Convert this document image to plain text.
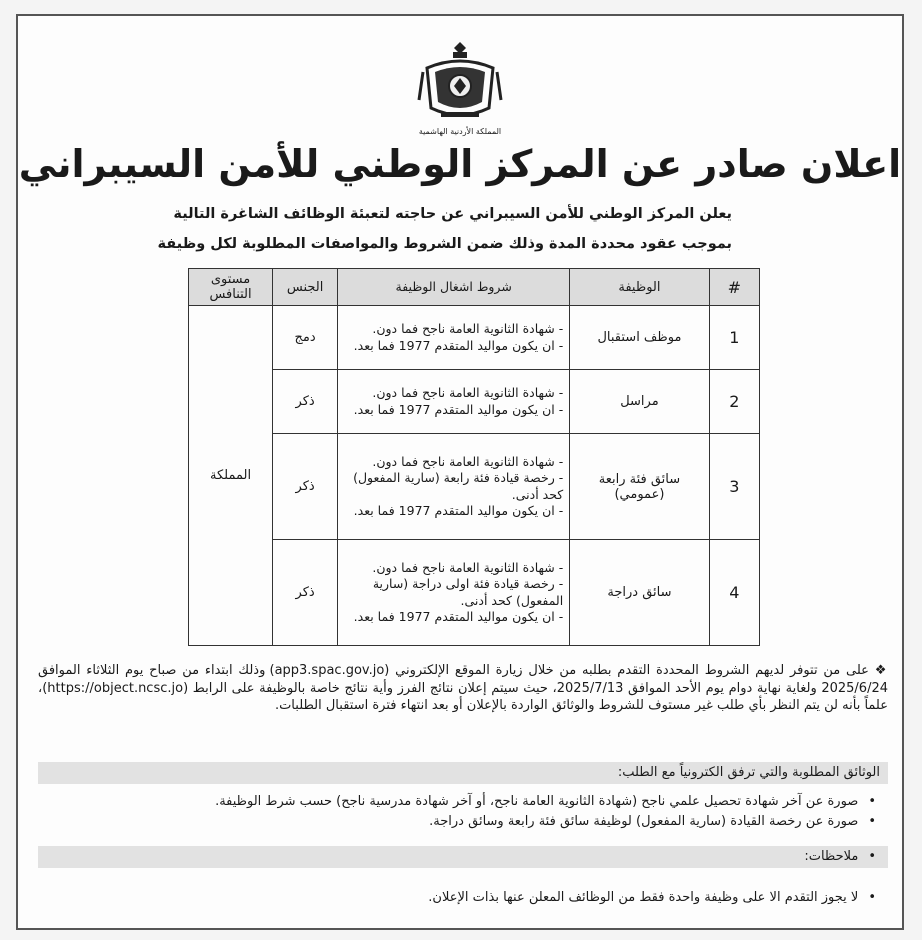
المملكة الأردنية الهاشمية
اعلان صادر عن المركز الوطني للأمن السيبراني
يعلن المركز الوطني للأمن السيبراني عن حاجته لتعبئة الوظائف الشاغرة التالية
بموجب عقود محددة المدة وذلك ضمن الشروط والمواصفات المطلوبة لكل وظيفة
#	الوظيفة	شروط اشغال الوظيفة	الجنس	مستوى التنافس
1	موظف استقبال	- شهادة الثانوية العامة ناجح فما دون.
- ان يكون مواليد المتقدم 1977 فما بعد.	دمج	المملكة
2	مراسل	- شهادة الثانوية العامة ناجح فما دون.
- ان يكون مواليد المتقدم 1977 فما بعد.	ذكر	
3	سائق فئة رابعة (عمومي)	- شهادة الثانوية العامة ناجح فما دون.
- رخصة قيادة فئة رابعة (سارية المفعول) كحد أدنى.
- ان يكون مواليد المتقدم 1977 فما بعد.	ذكر	
4	سائق دراجة	- شهادة الثانوية العامة ناجح فما دون.
- رخصة قيادة فئة اولى دراجة (سارية المفعول) كحد أدنى.
- ان يكون مواليد المتقدم 1977 فما بعد.	ذكر	
❖ على من تتوفر لديهم الشروط المحددة التقدم بطلبه من خلال زيارة الموقع الإلكتروني (app3.spac.gov.jo) وذلك ابتداء من صباح يوم الثلاثاء الموافق 2025/6/24 ولغاية نهاية دوام يوم الأحد الموافق 2025/7/13، حيث سيتم إعلان نتائج الفرز وأية نتائج خاصة بالوظيفة على الرابط (https://object.ncsc.jo)، علماً بأنه لن يتم النظر بأي طلب غير مستوف للشروط والوثائق الواردة بالإعلان أو بعد انتهاء فترة استقبال الطلبات.
الوثائق المطلوبة والتي ترفق الكترونياً مع الطلب:
•صورة عن آخر شهادة تحصيل علمي ناجح (شهادة الثانوية العامة ناجح، أو آخر شهادة مدرسية ناجح) حسب شرط الوظيفة.
•صورة عن رخصة القيادة (سارية المفعول) لوظيفة سائق فئة رابعة وسائق دراجة.
•ملاحظات:
•لا يجوز التقدم الا على وظيفة واحدة فقط من الوظائف المعلن عنها بذات الإعلان.
